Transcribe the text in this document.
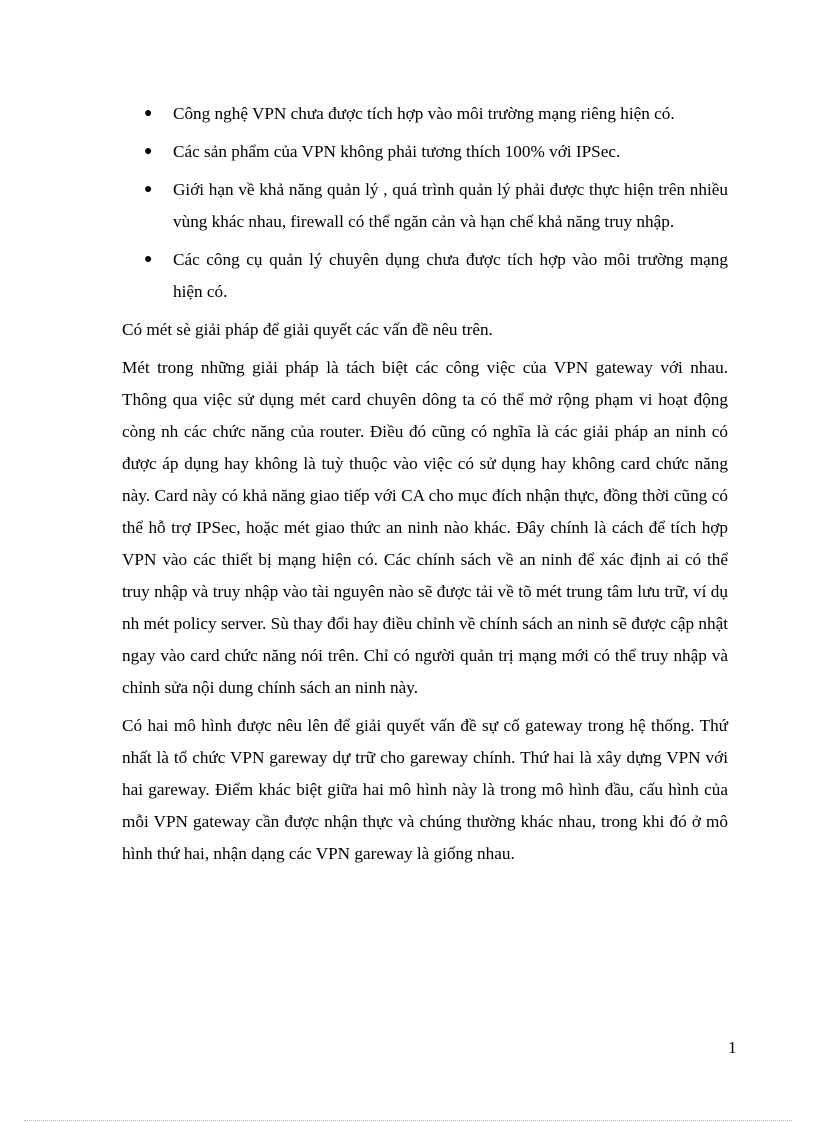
● Công nghệ VPN chưa được tích hợp vào môi trường mạng riêng hiện có.

● Các sản phẩm của VPN không phải tương thích 100% với IPSec.

● Giới hạn về khả năng quản lý , quá trình quản lý phải được thực hiện trên nhiều vùng khác nhau, firewall có thể ngăn cản và hạn chế khả năng truy nhập.

● Các công cụ quản lý chuyên dụng chưa được tích hợp vào môi trường mạng hiện có.

Có mét sè giải pháp để giải quyết các vấn đề nêu trên.

Mét trong những giải pháp là tách biệt các công việc của VPN gateway với nhau. Thông qua việc sử dụng mét card chuyên dông ta có thể mở rộng phạm vi hoạt động còng nh các chức năng của router. Điều đó cũng có nghĩa là các giải pháp an ninh có được áp dụng hay không là tuỳ thuộc vào việc có sử dụng hay không card chức năng này. Card này có khả năng giao tiếp với CA cho mục đích nhận thực, đồng thời cũng có thể hỗ trợ IPSec, hoặc mét giao thức an ninh nào khác. Đây chính là cách để tích hợp VPN vào các thiết bị mạng hiện có. Các chính sách về an ninh để xác định ai có thể truy nhập và truy nhập vào tài nguyên nào sẽ được tải về tõ mét trung tâm lưu trữ, ví dụ nh mét policy server. Sù thay đổi hay điều chỉnh về chính sách an ninh sẽ được cập nhật ngay vào card chức năng nói trên. Chỉ có người quản trị mạng mới có thể truy nhập và chỉnh sửa nội dung chính sách an ninh này.

Có hai mô hình được nêu lên để giải quyết vấn đề sự cố gateway trong hệ thống. Thứ nhất là tổ chức VPN gareway dự trữ cho gareway chính. Thứ hai là xây dựng VPN với hai gareway. Điểm khác biệt giữa hai mô hình này là trong mô hình đầu, cấu hình của mỗi VPN gateway cần được nhận thực và chúng thường khác nhau, trong khi đó ở mô hình thứ hai, nhận dạng các VPN gareway là giống nhau.

1
